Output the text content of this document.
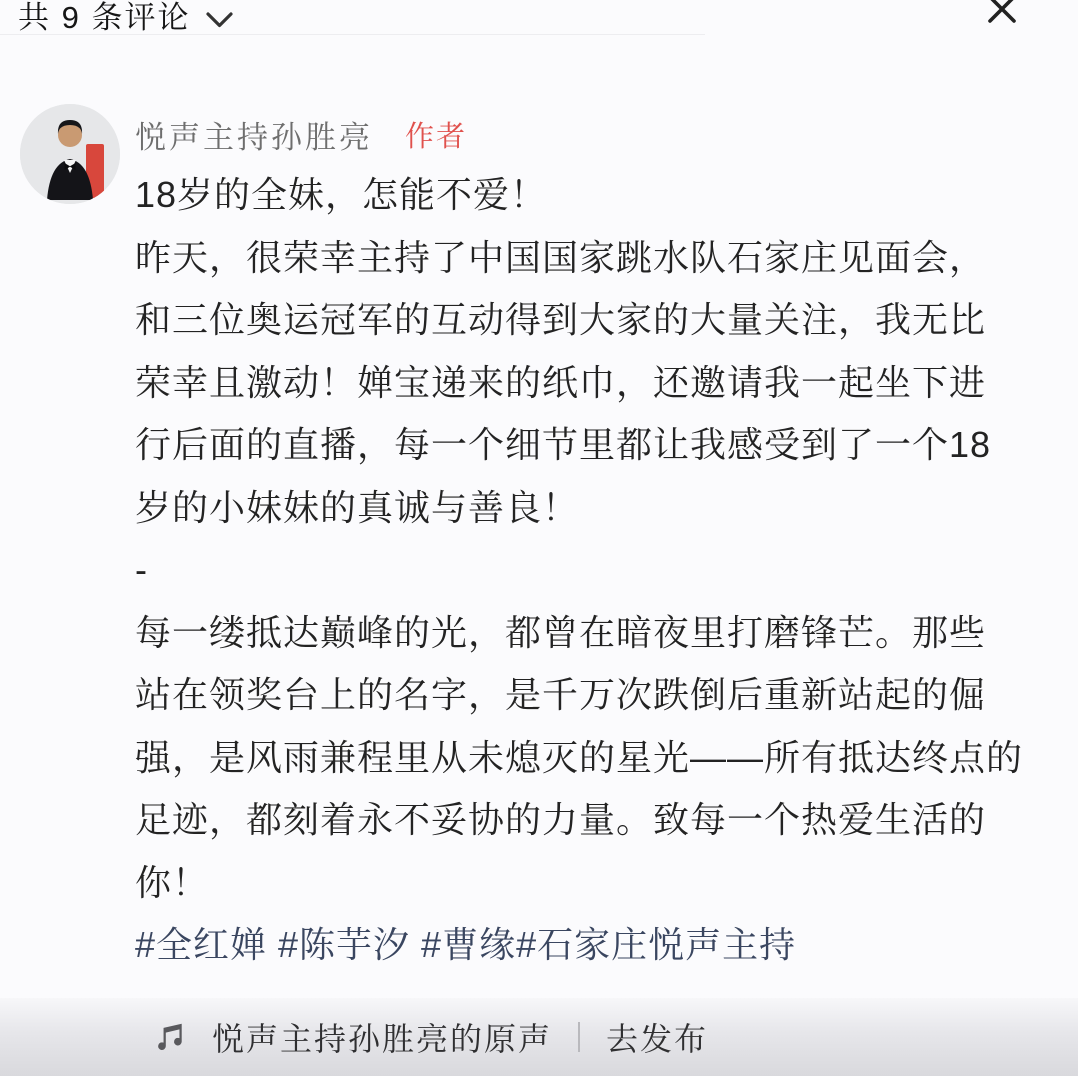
共 9 条评论
悦声主持孙胜亮 作者
18岁的全妹，怎能不爱！
昨天，很荣幸主持了中国国家跳水队石家庄见面会，
和三位奥运冠军的互动得到大家的大量关注，我无比
荣幸且激动！婵宝递来的纸巾，还邀请我一起坐下进
行后面的直播，每一个细节里都让我感受到了一个18
岁的小妹妹的真诚与善良！
-
每一缕抵达巅峰的光，都曾在暗夜里打磨锋芒。那些
站在领奖台上的名字，是千万次跌倒后重新站起的倔
强，是风雨兼程里从未熄灭的星光——所有抵达终点的
足迹，都刻着永不妥协的力量。致每一个热爱生活的
你！
#全红婵 #陈芋汐 #曹缘#石家庄悦声主持
悦声主持孙胜亮的原声 去发布
